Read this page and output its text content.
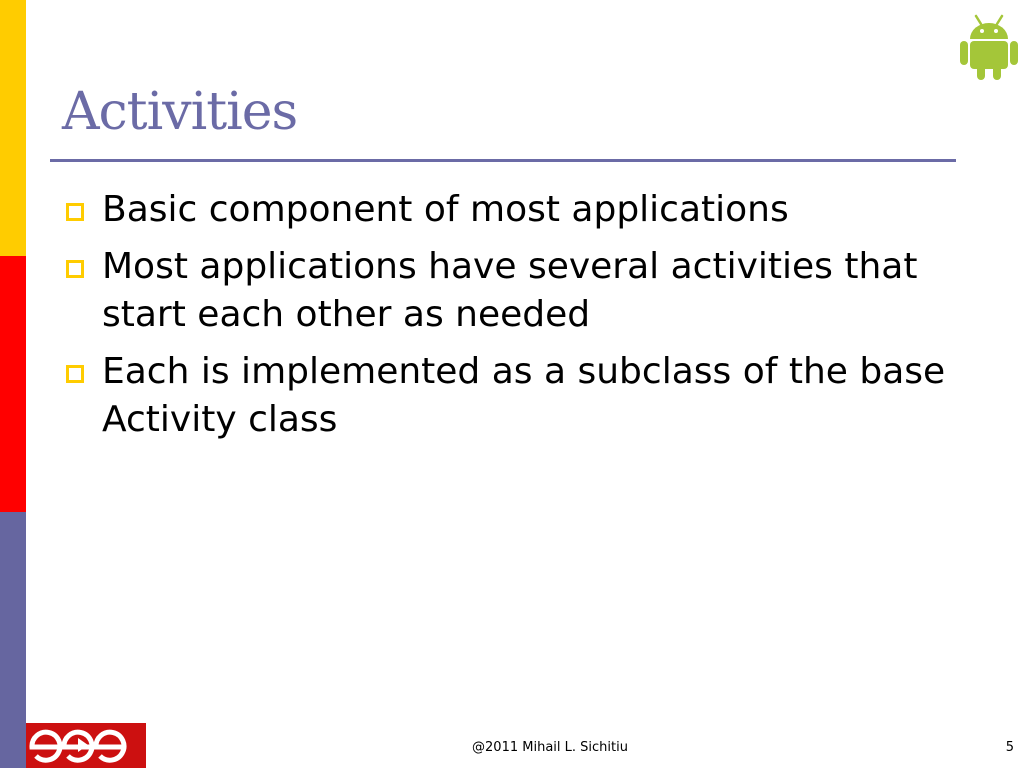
Activities
Basic component of most applications
Most applications have several activities that start each other as needed
Each is implemented as a subclass of the base Activity class
@2011 Mihail L. Sichitiu	5
